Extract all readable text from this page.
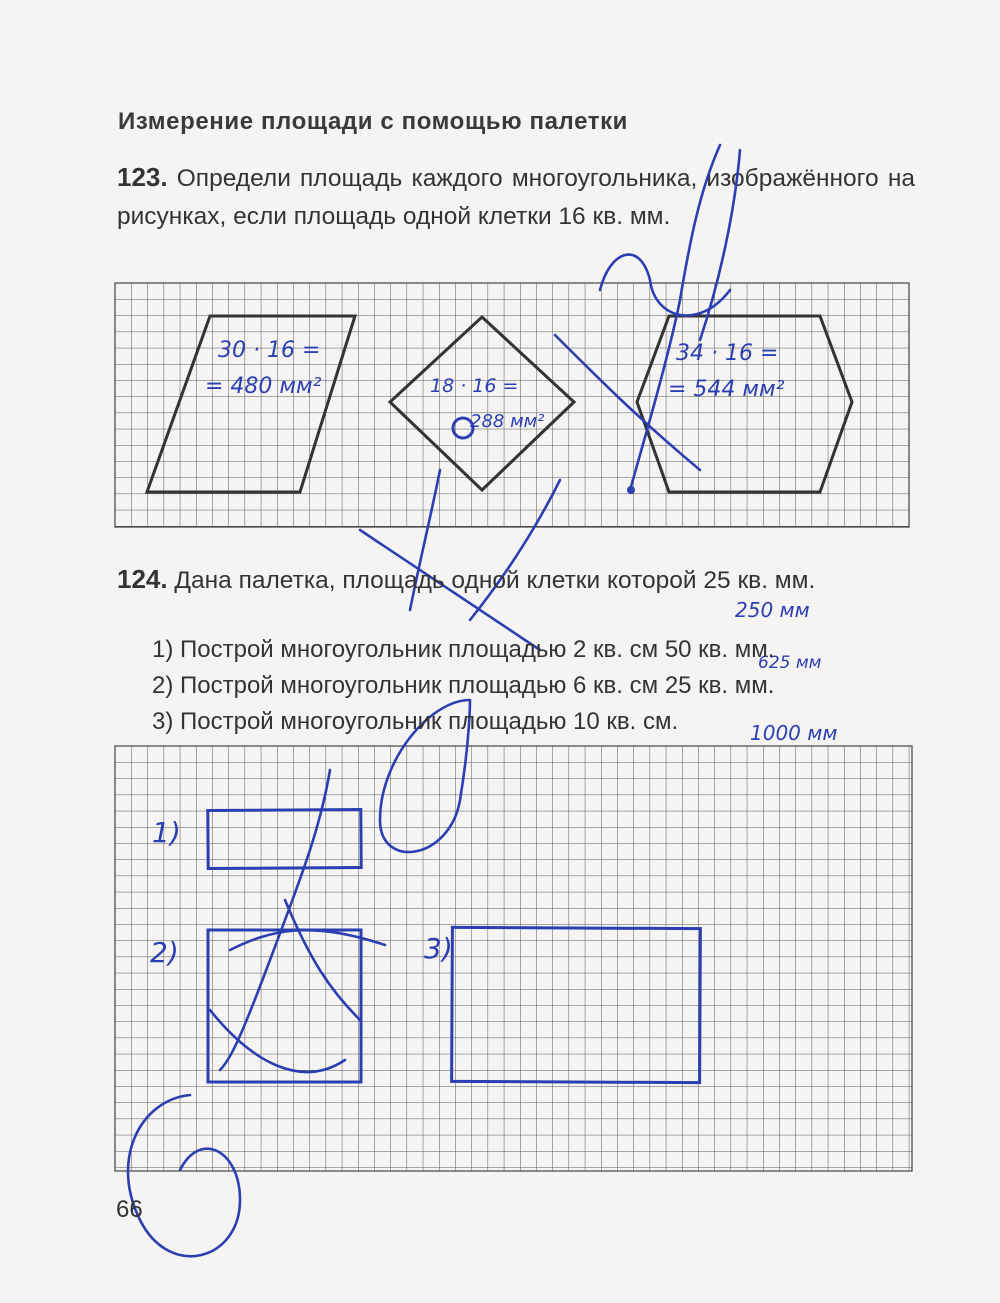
Измерение площади с помощью палетки
123. Определи площадь каждого многоугольника, изображённого на рисунках, если площадь одной клетки 16 кв. мм.
30 · 16 =
= 480 мм²	18 · 16 =
288 мм²
34 · 16 =
= 544 мм²
1)
2)	3)
250 мм
625 мм
1000 мм
124. Дана палетка, площадь одной клетки которой 25 кв. мм.
1) Построй многоугольник площадью 2 кв. см 50 кв. мм.
2) Построй многоугольник площадью 6 кв. см 25 кв. мм.
3) Построй многоугольник площадью 10 кв. см.
66
